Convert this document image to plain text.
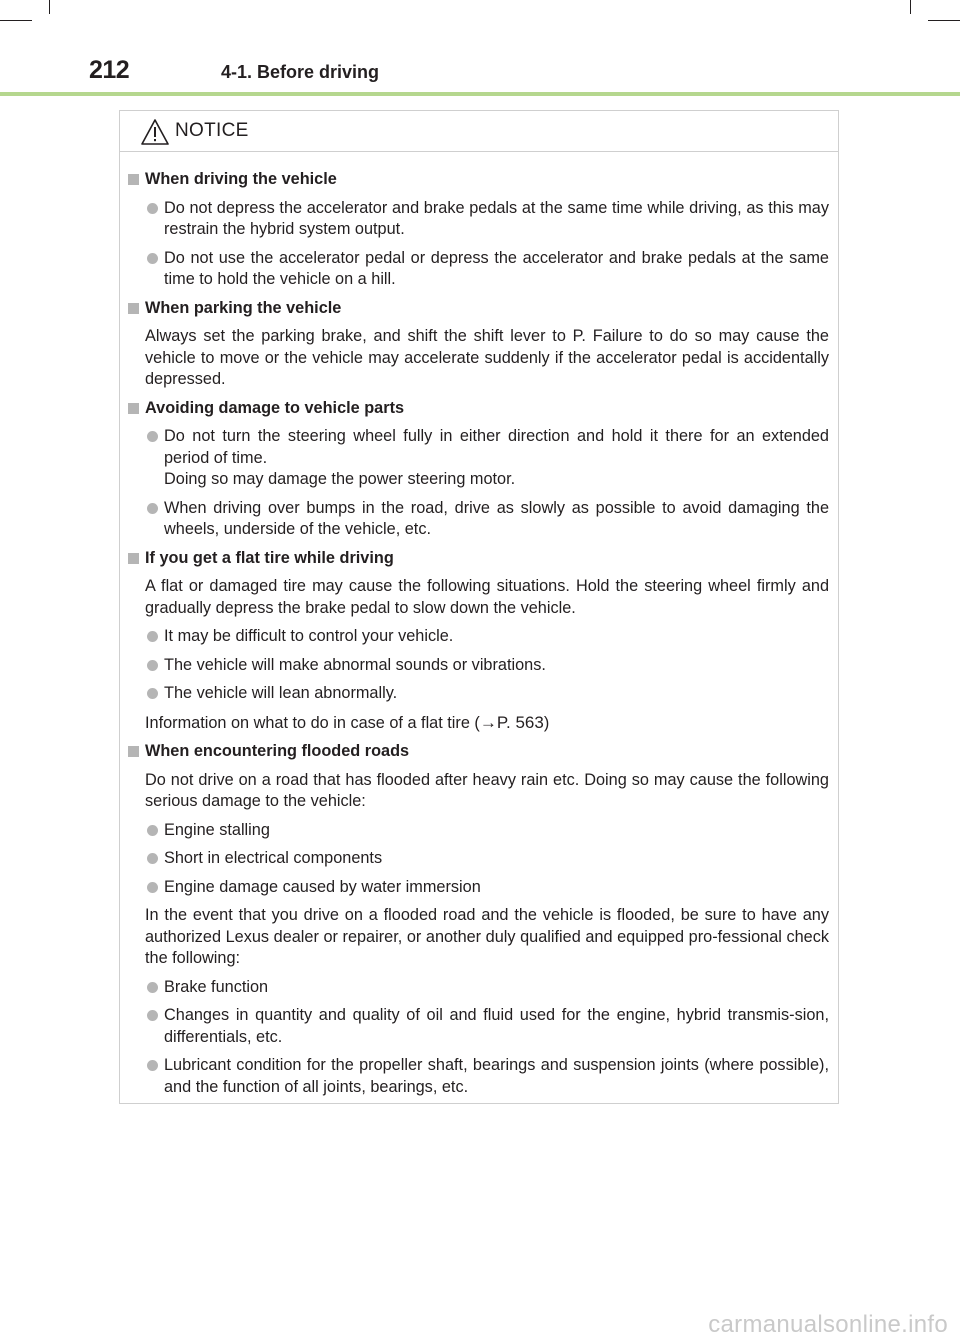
212	4-1. Before driving
NOTICE
When driving the vehicle
Do not depress the accelerator and brake pedals at the same time while driving, as this may restrain the hybrid system output.
Do not use the accelerator pedal or depress the accelerator and brake pedals at the same time to hold the vehicle on a hill.
When parking the vehicle
Always set the parking brake, and shift the shift lever to P. Failure to do so may cause the vehicle to move or the vehicle may accelerate suddenly if the accelerator pedal is accidentally depressed.
Avoiding damage to vehicle parts
Do not turn the steering wheel fully in either direction and hold it there for an extended period of time.
Doing so may damage the power steering motor.
When driving over bumps in the road, drive as slowly as possible to avoid damaging the wheels, underside of the vehicle, etc.
If you get a flat tire while driving
A flat or damaged tire may cause the following situations. Hold the steering wheel firmly and gradually depress the brake pedal to slow down the vehicle.
It may be difficult to control your vehicle.
The vehicle will make abnormal sounds or vibrations.
The vehicle will lean abnormally.
Information on what to do in case of a flat tire (→P. 563)
When encountering flooded roads
Do not drive on a road that has flooded after heavy rain etc. Doing so may cause the following serious damage to the vehicle:
Engine stalling
Short in electrical components
Engine damage caused by water immersion
In the event that you drive on a flooded road and the vehicle is flooded, be sure to have any authorized Lexus dealer or repairer, or another duly qualified and equipped pro-fessional check the following:
Brake function
Changes in quantity and quality of oil and fluid used for the engine, hybrid transmis-sion, differentials, etc.
Lubricant condition for the propeller shaft, bearings and suspension joints (where possible), and the function of all joints, bearings, etc.
carmanualsonline.info
